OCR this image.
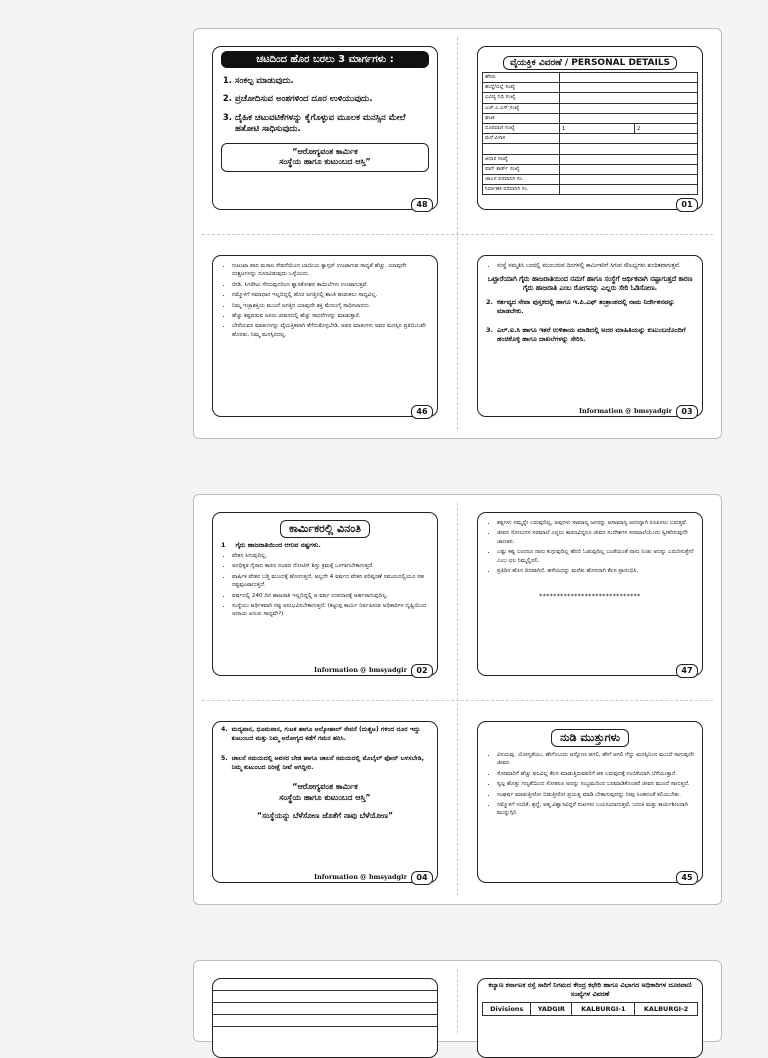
ಚಟದಿಂದ ಹೊರ ಬರಲು 3 ಮಾರ್ಗಗಳು :
1. ಸಂಕಲ್ಪ ಮಾಡುವುದು.
2. ಪ್ರಚೋದಿಸುವ ಅಂಶಗಳಿಂದ ದೂರ ಉಳಿಯುವುದು.
3. ದೈಹಿಕ ಚಟುವಟಿಕೆಗಳನ್ನು ಕೈಗೊಳ್ಳುವ ಮೂಲಕ ಮನಸ್ಸಿನ ಮೇಲೆ ಹತೋಟಿ ಸಾಧಿಸುವುದು.
“ಆರೋಗ್ಯವಂತ ಕಾರ್ಮಿಕ
ಸಂಸ್ಥೆಯ ಹಾಗೂ ಕುಟುಂಬದ ಆಸ್ತಿ”
48
ವೈಯಕ್ತಿಕ ವಿವರಣೆ / PERSONAL DETAILS
ಹೆಸರು		
ಹುದ್ದೆ/ಬಿಲ್ಲೆ ಸಂಖ್ಯೆ		
ಭವಿಷ್ಯ ನಿಧಿ ಸಂಖ್ಯೆ		
ಎಚ್.ಎ.ಎಸ್ ಸಂಖ್ಯೆ		
ಘಟಕ		
ದೂರವಾಣಿ ಸಂಖ್ಯೆ	1	2
ಮನೆ ವಿಳಾಸ		

ಆಧಾರ ಸಂಖ್ಯೆ		
ಪಾನ್ ಕಾರ್ಡ್ ಸಂಖ್ಯೆ		
ಚಾಲನ ಪರವಾನಿಗಿ ಸಂ.		
ನಿರ್ವಾಹಕ ಪರವಾನಿಗಿ ಸಂ.		
01
• ಗುಟುಖಾ ಪಾನ ಮಸಾಲ ಸೇವನೆಯಿಂದ ಬಾಯಿಯ ಕ್ಯಾನ್ಸರ್ ಉಂಟಾಗುವ ಸಾಧ್ಯತೆ ಹೆಚ್ಚು. ಯಾವುದೇ ದುಶ್ಚಟಗಳನ್ನು ದೂರವಿಡುವುದು ಒಳ್ಳೆಯದು.
• ಬೀಡಿ, ಸಿಗರೇಟು ಸೇದುವುದರಿಂದ ಶ್ವಾಸಕೋಶದ ಕಾಯಿಲೆಗಳು ಉಂಟಾಗುತ್ತವೆ.
• ನಮ್ಮೊಳಗೆ ಸಮಾಧಾನ ಇಲ್ಲದಿದ್ದಲ್ಲಿ ಹೊರ ಜಗತ್ತಿನಲ್ಲಿ ಶಾಂತಿ ಹುಡುಕಲು ಸಾಧ್ಯವಿಲ್ಲ.
• ನಿಮ್ಮ ಇಚ್ಛಾಶಕ್ತಿಯ ಮುಂದೆ ಜಗತ್ತಿನ ಯಾವುದೇ ಶಕ್ತಿ ಮೇಲುಗೈ ಸಾಧಿಸಲಾರದು.
• ಹೆಚ್ಚು ಕಷ್ಟಪಡುವ ಜನರು ಜೀವನದಲ್ಲಿ ಹೆಚ್ಚು ಸಾಧನೆಗಳನ್ನು ಮಾಡುತ್ತಾರೆ.
• ಬೇರೆಯವರ ಮಾತುಗಳನ್ನು ವೈಯಕ್ತಿಕವಾಗಿ ತೆಗೆದುಕೊಳ್ಳಬೇಡಿ. ಅವರ ಮಾತುಗಳು ಅವರ ಮನಸ್ಸಿನ ಪ್ರತಿಬಿಂಬವೇ ಹೊರತು, ನಿಮ್ಮ ಮನಸ್ಸಿನದಲ್ಲ.
46
• ಸಂಸ್ಥೆ ಸಮ್ಮತಿಸಿ ಬಂದಲ್ಲಿ ಮುಂಬರುವ ದಿನಗಳಲ್ಲಿ ಕಾರ್ಮಿಕರಿಗೆ ಸಿಗುವ ಸೌಲಭ್ಯಗಳು ಕುಂಠಿತವಾಗುತ್ತವೆ.
ಒಟ್ಟಾರೆಯಾಗಿ ಗೈರು ಹಾಜರಾತಿಯಿಂದ ನಮಗೆ ಹಾಗೂ ಸಂಸ್ಥೆಗೆ ಆರ್ಥಿಕವಾಗಿ ನಷ್ಟಾಗುತ್ತದೆ ಕಾರಣ ಗೈರು ಹಾಜರಾತಿ ಎಂಬ ರೋಗವನ್ನು ಎಲ್ಲರು ಸೇರಿ ಓಡಿಸೋಣ.
2. ಕರ್ತವ್ಯದ ಸೇವಾ ಪುಸ್ತಕದಲ್ಲಿ ಹಾಗೂ ಇ.ಪಿ.ಎಫ್ ತಂತ್ರಾಂಶದಲ್ಲಿ ನಾಮ ನಿರ್ದೇಶನವನ್ನು ಮಾಡಬೇಕು.
3. ಎಲ್.ಐ.ಸಿ ಹಾಗೂ ಇತರೆ ಉಳಿತಾಯ ಮಾಡಿದಲ್ಲಿ ಅದರ ಮಾಹಿತಿಯನ್ನು ಕುಟುಂಬದೊಂದಿಗೆ ಹಂಚಿಕೊಳ್ಳಿ ಹಾಗೂ ದಾಖಲೆಗಳನ್ನು ಸೇರಿಸಿ.
Information @ bmsyadgir	03
ಕಾರ್ಮಿಕರಲ್ಲಿ ವಿನಂತಿ
1 ಗೈರು ಹಾಜರಾತಿಯಿಂದ ಆಗುವ ನಷ್ಟಗಳು.
• ವೇತನ ಸಿಗುವುದಿಲ್ಲ.
• ಅನಧಿಕೃತ ಗೈರಾದ ಕಾರಣ ದಂಡದ ನೋಟಿಸ್ ಶಿಸ್ತು ಕ್ರಮಕ್ಕೆ ಒಳಗಾಗಬೇಕಾಗುತ್ತದೆ.
• ವಾರ್ಷಿಕ ವೇತನ ಬಡ್ತಿ ಮುಂದಕ್ಕೆ ಹೋಗುತ್ತದೆ, ಅಲ್ಲದೇ 4 ವರ್ಷದ ವೇತನ ಪರಿಷ್ಕರಣೆ ಸಮಯದಲ್ಲಿಯೂ ಸಹ ನಷ್ಟವುಂಟಾಗುತ್ತದೆ.
• ವರ್ಷದಲ್ಲಿ 240 ದಿನ ಹಾಜರಾತಿ ಇಲ್ಲದಿದ್ದಲ್ಲಿ ಆ ವರ್ಷ ಉಪದಾನಕ್ಕೆ ಅರ್ಹರಾಗುವುದಿಲ್ಲ.
• ಸಂಸ್ಥೆಯು ಆರ್ಥಿಕವಾಗಿ ನಷ್ಟ ಅನುಭವಿಸಬೇಕಾಗುತ್ತದೆ. (ಕಟ್ಟುಪ್ಪ ಕಾರ್ಯ ನಿರ್ವಹಿಸುವ ಅಧಿಕಾರಿಗಳ ದೃಷ್ಟಿಯಿಂದ ಅದಾಯ ಖರಚು ಸಾಧ್ಯವೇ?)
Information @ bmsyadgir	02
• ಕಷ್ಟಗಳು ನಮ್ಮನ್ನೇ ಬರುವುದಿಲ್ಲ, ಅವುಗಳು ಸಾಮಾನ್ಯ ಜನರನ್ನು ಅಸಾಮಾನ್ಯ ಜನರನ್ನಾಗಿ ರೂಪಿಸಲು ಬರುತ್ತವೆ.
• ಜೀವನ ಸೋಲುಗಳ ಸರಮಾಲೆ ಎನ್ನಲು ಕಾರಣವಿದ್ದರೂ ಜೀವನ ಸಂದೇಶಗಳ ಸರಮಾಲೆಯೆಂದು ಸ್ವೀಕರಿಸುವುದೇ ಜಾಣತನ.
• ಎಷ್ಟು ಕಷ್ಟ ಬಂದರೂ ನಾನು ಕುಗ್ಗುವುದಿಲ್ಲ ಹೆದರಿ ಓಡುವುದಿಲ್ಲ ಬಂಡೆಯಂತೆ ನಾನು ನಿಂತು ಅದನ್ನು ಎದುರಿಸುತ್ತೇನೆ ಎಂಬ ಛಲ ನಿಮ್ಮಲ್ಲಿರಲಿ.
• ಪ್ರತಿದಿನ ಹೊಸ ದಿನವಾಗಿದೆ. ಹಳೆಯದನ್ನು ಮರೆತು ಹೊಸದಾಗಿ ಕೆಲಸ ಪ್ರಾರಂಭಿಸಿ.
*****************************
47
4. ಮದ್ಯಪಾನ, ಧೂಮಪಾನ, ಗುಟಕ ಹಾಗೂ ಅಲ್ಕೋಹಾಲ್ ಸೇವನೆ (ದುಶ್ಚಟ) ಗಳಿಂದ ದೂರ ಇದ್ದು ಕುಟುಂಬದ ಮತ್ತು ನಿಮ್ಮ ಆರೋಗ್ಯದ ಕಡೆಗೆ ಗಮನ ಹರಿಸಿ.
5. ಚಾಲನೆ ಸಮಯದಲ್ಲಿ ಅವಸರ ಬೇಡ ಹಾಗೂ ಚಾಲನೆ ಸಮಯದಲ್ಲಿ ಮೊಬೈಲ್ ಫೋನ್ ಬಳಸಬೇಡಿ, ನಿಮ್ಮ ಕುಟುಂಬದ ನಿರೀಕ್ಷೆ ನೀವೆ ಆಗಿದ್ದೀರಿ.
“ಆರೋಗ್ಯವಂತ ಕಾರ್ಮಿಕ
ಸಂಸ್ಥೆಯ ಹಾಗೂ ಕುಟುಂಬದ ಆಸ್ತಿ”
“ಸಂಸ್ಥೆಯನ್ನು ಬೆಳೆಸೋಣ ಜೊತೆಗೆ ನಾವು ಬೆಳೆಯೋಣ”
Information @ bmsyadgir	04
ನುಡಿ ಮುತ್ತುಗಳು
• ವಿನಯವು, ಯೋಗ್ಯತೆಯು, ಹೇಗೆಂಬುದು ಅನ್ನೋಣ ಆಗಲಿ, ಹೇಗೆ ಆಗಲಿ ಗೆದ್ದು ಮನಸ್ಸಿನಿಂದ ಮುಂದೆ ಸಾಗುವುದೇ ಜೀವನ.
• ಸೋಮಾರಿಗೆ ಹೆಚ್ಚು ಫಲವಿಲ್ಲ ಕೆಲಸ ಮಾಡುತ್ತಿರುವವರಿಗೆ ಆತ ಬರುವುದಕ್ಕೆ ನಂಬಿಕೆಯಾಗಿ ಬೆಳೆಯುತ್ತಾನೆ.
• ಸ್ವಲ್ಪ ಹೊತ್ತು ಗಣ್ಯತೆಯಿಂದ ಸೋತರೂ ಅದನ್ನು ಸಂಭ್ರಮದಿಂದ ಬರಮಾಡಿಕೊಂಡರೆ ಜೀವನ ಮುಂದೆ ಸಾಗುತ್ತದೆ.
• ಸಂಘರ್ಷ ಮಾಡುತ್ತೀರೋ ಬಿಡುತ್ತೀರೋ ಪ್ರಯತ್ನ ಮಾಡಿ ಬೇಕಾಗುವುದನ್ನು ನೀವು ಸಿಂಹದಂತೆ ಕಲಿಯಬೇಕು.
• ನಮ್ಮೊಳಗೆ ನಂಬಿಕೆ, ಶ್ರದ್ಧೆ, ಆತ್ಮ ವಿಶ್ವಾಸವಿದ್ದರೆ ಸುಖಗಳು ಬಯಸಿಯಾಗುತ್ತವೆ, ಬದುಕಿ ಮತ್ತು ಕಾರ್ಯಶೀಲರಾಗಿ ಮುನ್ನುಗ್ಗಿರಿ.
45
ಕಲ್ಯಾಣ ಕರ್ನಾಟಕ ರಸ್ತೆ ಸಾರಿಗೆ ನಿಗಮದ ಕೇಂದ್ರ ಕಛೇರಿ ಹಾಗೂ ವಿಭಾಗದ ಅಧಿಕಾರಿಗಳ ದೂರವಾಣಿ ಸಂಖ್ಯೆಗಳ ವಿವರಣೆ
Divisions	YADGIR	KALBURGI-1	KALBURGI-2
